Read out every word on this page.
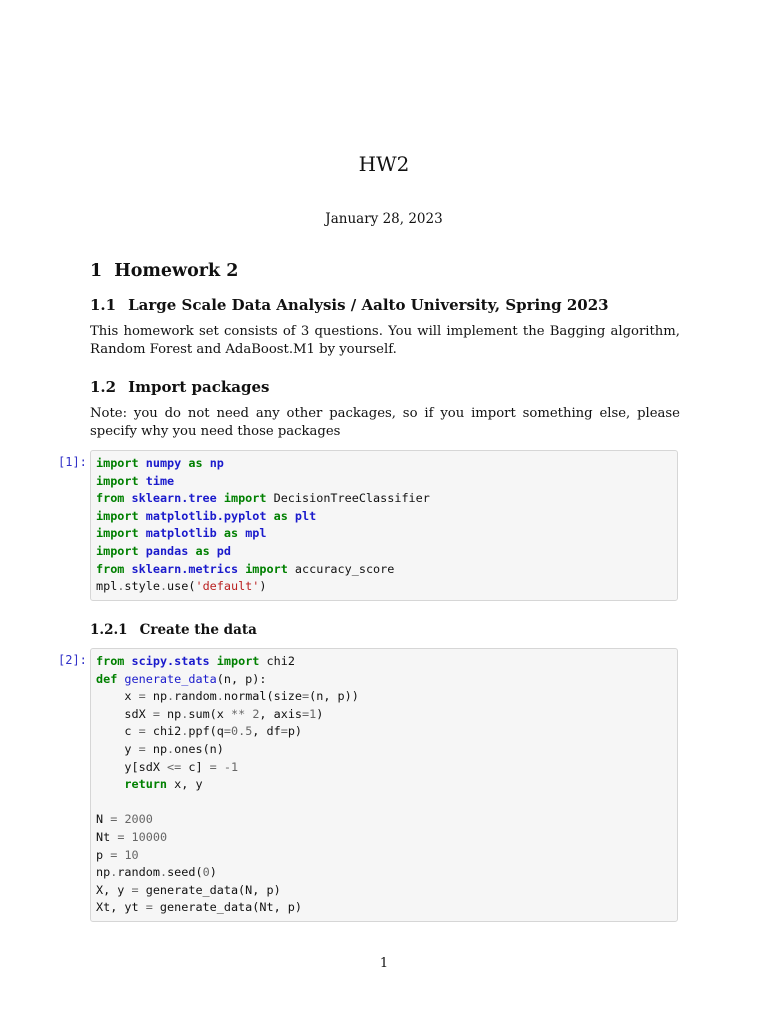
HW2
January 28, 2023
1 Homework 2
1.1 Large Scale Data Analysis / Aalto University, Spring 2023
This homework set consists of 3 questions. You will implement the Bagging algorithm, Random Forest and AdaBoost.M1 by yourself.
1.2 Import packages
Note: you do not need any other packages, so if you import something else, please specify why you need those packages
[1]: import numpy as np
import time
from sklearn.tree import DecisionTreeClassifier
import matplotlib.pyplot as plt
import matplotlib as mpl
import pandas as pd
from sklearn.metrics import accuracy_score
mpl.style.use('default')
1.2.1 Create the data
[2]: from scipy.stats import chi2
def generate_data(n, p):
x = np.random.normal(size=(n, p))
sdX = np.sum(x ** 2, axis=1)
c = chi2.ppf(q=0.5, df=p)
y = np.ones(n)
y[sdX <= c] = -1
return x, y
N = 2000
Nt = 10000
p = 10
np.random.seed(0)
X, y = generate_data(N, p)
Xt, yt = generate_data(Nt, p)
1
